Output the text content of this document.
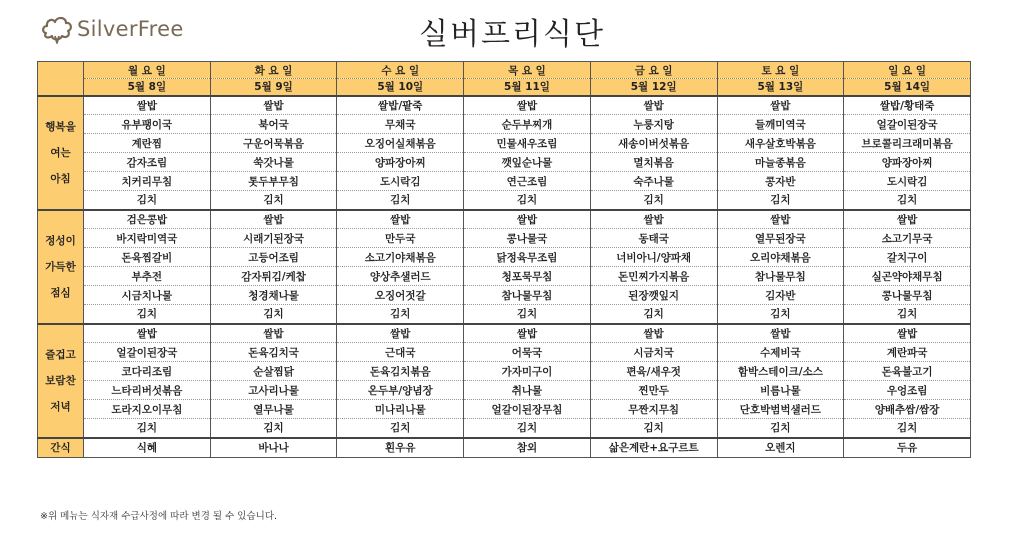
SilverFree	실버프리식단
	월 요 일	화 요 일	수 요 일	목 요 일	금 요 일	토 요 일	일 요 일
	5월 8일	5월 9일	5월 10일	5월 11일	5월 12일	5월 13일	5월 14일

행복을
여는
아침	쌀밥	쌀밥	쌀밥/팥죽	쌀밥	쌀밥	쌀밥	쌀밥/황태죽
	유부팽이국	북어국	무채국	순두부찌개	누룽지탕	들깨미역국	얼갈이된장국
	계란찜	구운어묵볶음	오징어실채볶음	민물새우조림	새송이버섯볶음	새우살호박볶음	브로콜리크래미볶음
	감자조림	쑥갓나물	양파장아찌	깻잎순나물	멸치볶음	마늘종볶음	양파장아찌
	치커리무침	톳두부무침	도시락김	연근조림	숙주나물	콩자반	도시락김
	김치	김치	김치	김치	김치	김치	김치

정성이
가득한
점심	검은콩밥	쌀밥	쌀밥	쌀밥	쌀밥	쌀밥	쌀밥
	바지락미역국	시래기된장국	만두국	콩나물국	동태국	열무된장국	소고기무국
	돈육찜갈비	고등어조림	소고기야채볶음	닭정육무조림	너비아니/양파채	오리야채볶음	갈치구이
	부추전	감자튀김/케찹	양상추샐러드	청포묵무침	돈민찌가지볶음	참나물무침	실곤약야채무침
	시금치나물	청경채나물	오징어젓갈	참나물무침	된장깻잎지	김자반	콩나물무침
	김치	김치	김치	김치	김치	김치	김치

즐겁고
보람찬
저녁	쌀밥	쌀밥	쌀밥	쌀밥	쌀밥	쌀밥	쌀밥
	얼갈이된장국	돈육김치국	근대국	어묵국	시금치국	수제비국	계란파국
	코다리조림	순살찜닭	돈육김치볶음	가자미구이	편육/새우젓	함박스테이크/소스	돈육불고기
	느타리버섯볶음	고사리나물	온두부/양념장	취나물	찐만두	비름나물	우엉조림
	도라지오이무침	열무나물	미나리나물	얼갈이된장무침	무짠지무침	단호박범벅샐러드	양배추쌈/쌈장
	김치	김치	김치	김치	김치	김치	김치
간식	식혜	바나나	흰우유	참외	삶은계란+요구르트	오렌지	두유
※위 메뉴는 식자재 수급사정에 따라 변경 될 수 있습니다.
